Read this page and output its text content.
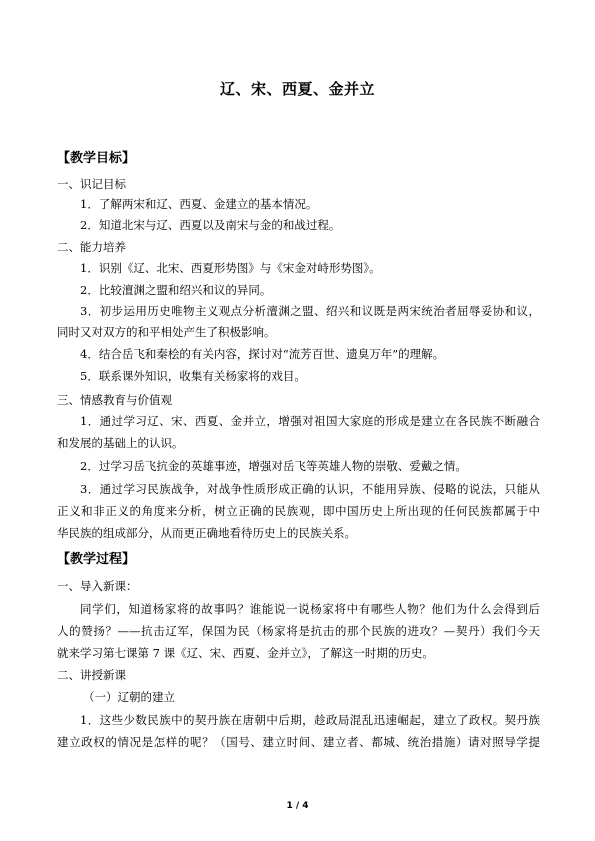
辽、宋、西夏、金并立
【教学目标】
一、识记目标
1．了解两宋和辽、西夏、金建立的基本情况。
2．知道北宋与辽、西夏以及南宋与金的和战过程。
二、能力培养
1．识别《辽、北宋、西夏形势图》与《宋金对峙形势图》。
2．比较澶渊之盟和绍兴和议的异同。
3．初步运用历史唯物主义观点分析澶渊之盟、绍兴和议既是两宋统治者屈辱妥协和议，
同时又对双方的和平相处产生了积极影响。
4．结合岳飞和秦桧的有关内容，探讨对“流芳百世、遗臭万年”的理解。
5．联系课外知识，收集有关杨家将的戏目。
三、情感教育与价值观
1．通过学习辽、宋、西夏、金并立，增强对祖国大家庭的形成是建立在各民族不断融合
和发展的基础上的认识。
2．过学习岳飞抗金的英雄事迹，增强对岳飞等英雄人物的崇敬、爱戴之情。
3．通过学习民族战争，对战争性质形成正确的认识，不能用异族、侵略的说法，只能从
正义和非正义的角度来分析，树立正确的民族观，即中国历史上所出现的任何民族都属于中
华民族的组成部分，从而更正确地看待历史上的民族关系。
【教学过程】
一、导入新课：
同学们，知道杨家将的故事吗？谁能说一说杨家将中有哪些人物？他们为什么会得到后
人的赞扬？——抗击辽军，保国为民（杨家将是抗击的那个民族的进攻？—契丹）我们今天
就来学习第七课第 7 课《辽、宋、西夏、金并立》，了解这一时期的历史。
二、讲授新课
（一）辽朝的建立
1．这些少数民族中的契丹族在唐朝中后期，趁政局混乱迅速崛起，建立了政权。契丹族
建立政权的情况是怎样的呢？（国号、建立时间、建立者、都城、统治措施）请对照导学提
1 / 4
